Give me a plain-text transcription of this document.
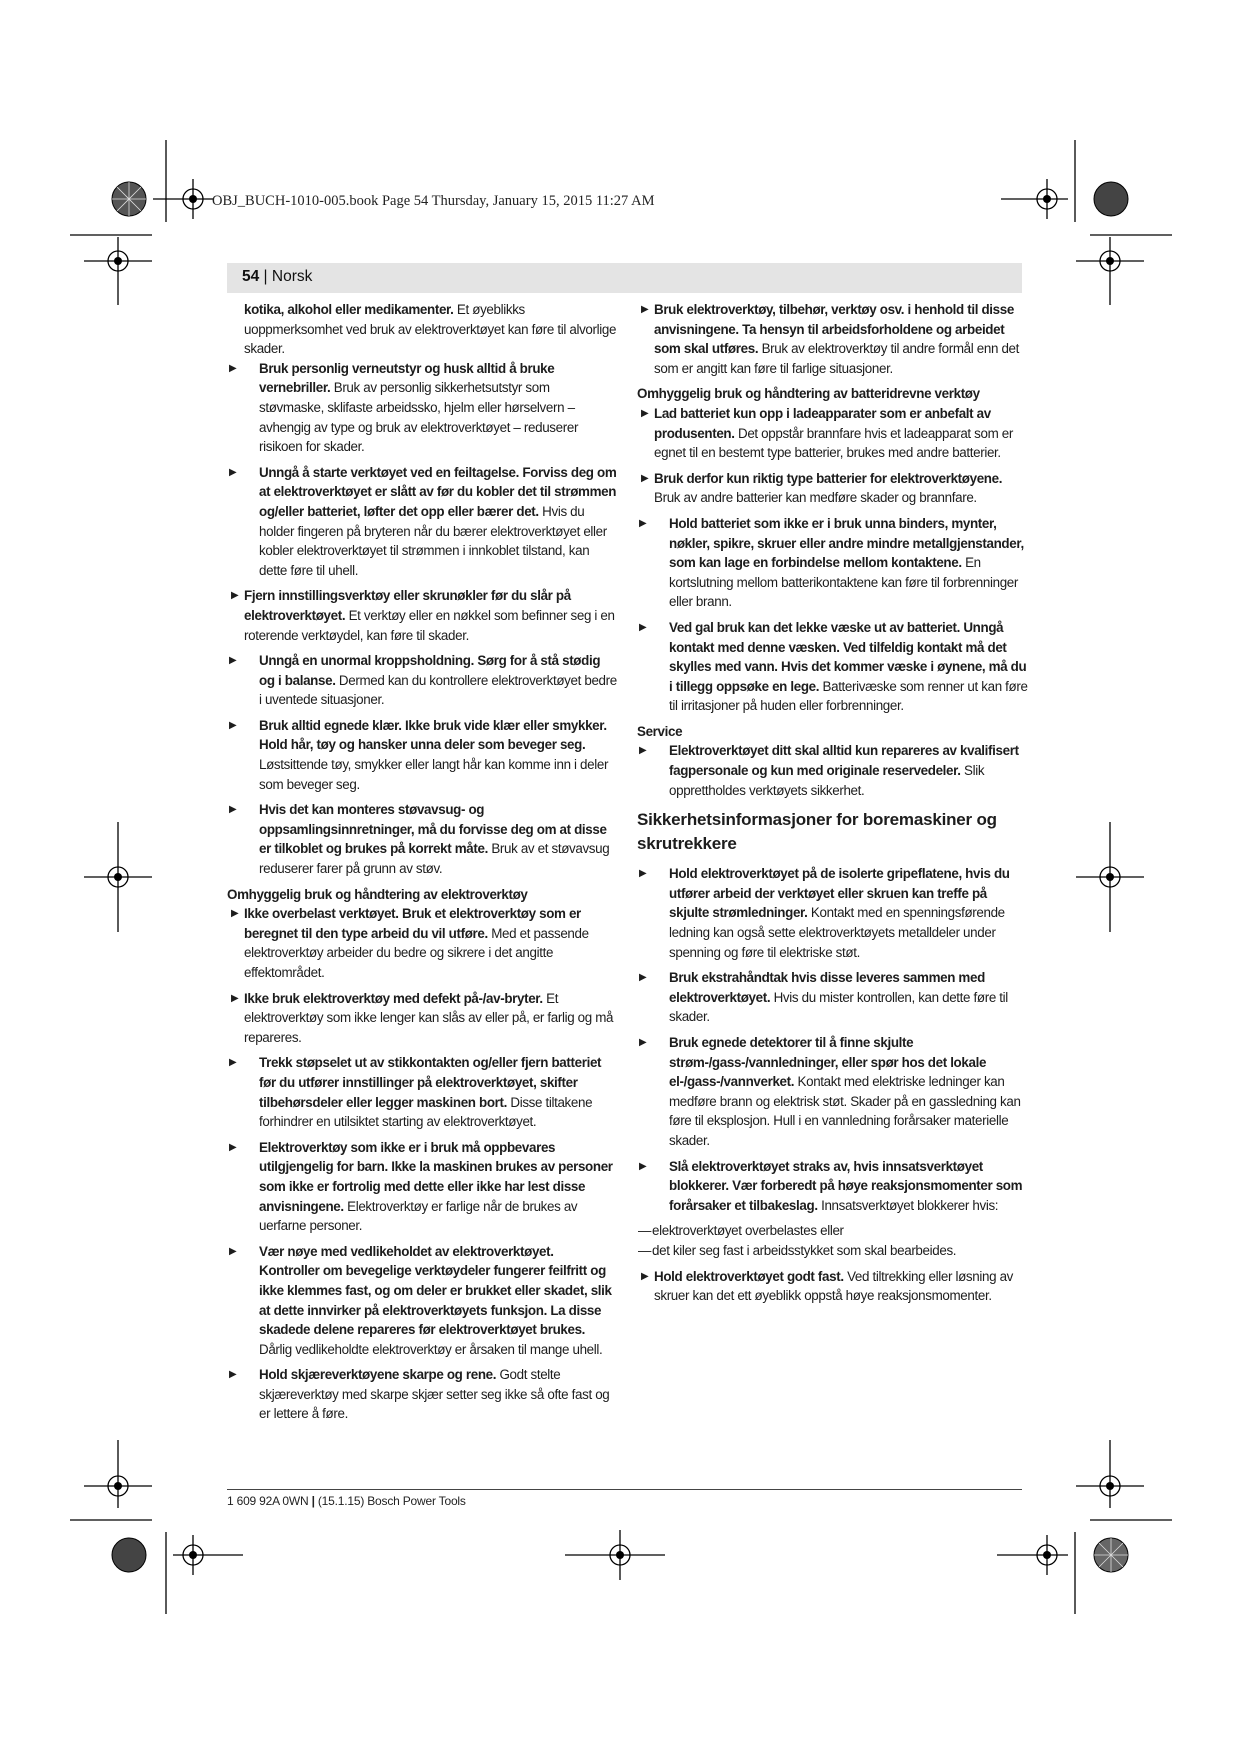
OBJ_BUCH-1010-005.book Page 54 Thursday, January 15, 2015 11:27 AM
54 | Norsk

kotika, alkohol eller medikamenter. Et øyeblikks uoppmerksomhet ved bruk av elektroverktøyet kan føre til alvorlige skader.

▶ Bruk personlig verneutstyr og husk alltid å bruke vernebriller. Bruk av personlig sikkerhetsutstyr som støvmaske, sklifaste arbeidssko, hjelm eller hørselvern – avhengig av type og bruk av elektroverktøyet – reduserer risikoen for skader.
▶ Unngå å starte verktøyet ved en feiltagelse. Forviss deg om at elektroverktøyet er slått av før du kobler det til strømmen og/eller batteriet, løfter det opp eller bærer det. Hvis du holder fingeren på bryteren når du bærer elektroverktøyet eller kobler elektroverktøyet til strømmen i innkoblet tilstand, kan dette føre til uhell.
▶ Fjern innstillingsverktøy eller skrunøkler før du slår på elektroverktøyet. Et verktøy eller en nøkkel som befinner seg i en roterende verktøydel, kan føre til skader.
▶ Unngå en unormal kroppsholdning. Sørg for å stå stødig og i balanse. Dermed kan du kontrollere elektroverktøyet bedre i uventede situasjoner.
▶ Bruk alltid egnede klær. Ikke bruk vide klær eller smykker. Hold hår, tøy og hansker unna deler som beveger seg. Løstsittende tøy, smykker eller langt hår kan komme inn i deler som beveger seg.
▶ Hvis det kan monteres støvavsug- og oppsamlingsinnretninger, må du forvisse deg om at disse er tilkoblet og brukes på korrekt måte. Bruk av et støvavsug reduserer farer på grunn av støv.

Omhyggelig bruk og håndtering av elektroverktøy

▶ Ikke overbelast verktøyet. Bruk et elektroverktøy som er beregnet til den type arbeid du vil utføre. Med et passende elektroverktøy arbeider du bedre og sikrere i det angitte effektområdet.
▶ Ikke bruk elektroverktøy med defekt på-/av-bryter. Et elektroverktøy som ikke lenger kan slås av eller på, er farlig og må repareres.
▶ Trekk støpselet ut av stikkontakten og/eller fjern batteriet før du utfører innstillinger på elektroverktøyet, skifter tilbehørsdeler eller legger maskinen bort. Disse tiltakene forhindrer en utilsiktet starting av elektroverktøyet.
▶ Elektroverktøy som ikke er i bruk må oppbevares utilgjengelig for barn. Ikke la maskinen brukes av personer som ikke er fortrolig med dette eller ikke har lest disse anvisningene. Elektroverktøy er farlige når de brukes av uerfarne personer.
▶ Vær nøye med vedlikeholdet av elektroverktøyet. Kontroller om bevegelige verktøydeler fungerer feilfritt og ikke klemmes fast, og om deler er brukket eller skadet, slik at dette innvirker på elektroverktøyets funksjon. La disse skadede delene repareres før elektroverktøyet brukes. Dårlig vedlikeholdte elektroverktøy er årsaken til mange uhell.
▶ Hold skjæreverktøyene skarpe og rene. Godt stelte skjæreverktøy med skarpe skjær setter seg ikke så ofte fast og er lettere å føre.
▶ Bruk elektroverktøy, tilbehør, verktøy osv. i henhold til disse anvisningene. Ta hensyn til arbeidsforholdene og arbeidet som skal utføres. Bruk av elektroverktøy til andre formål enn det som er angitt kan føre til farlige situasjoner.

Omhyggelig bruk og håndtering av batteridrevne verktøy

▶ Lad batteriet kun opp i ladeapparater som er anbefalt av produsenten. Det oppstår brannfare hvis et ladeapparat som er egnet til en bestemt type batterier, brukes med andre batterier.
▶ Bruk derfor kun riktig type batterier for elektroverktøyene. Bruk av andre batterier kan medføre skader og brannfare.
▶ Hold batteriet som ikke er i bruk unna binders, mynter, nøkler, spikre, skruer eller andre mindre metallgjenstander, som kan lage en forbindelse mellom kontaktene. En kortslutning mellom batterikontaktene kan føre til forbrenninger eller brann.
▶ Ved gal bruk kan det lekke væske ut av batteriet. Unngå kontakt med denne væsken. Ved tilfeldig kontakt må det skylles med vann. Hvis det kommer væske i øynene, må du i tillegg oppsøke en lege. Batterivæske som renner ut kan føre til irritasjoner på huden eller forbrenninger.

Service

▶ Elektroverktøyet ditt skal alltid kun repareres av kvalifisert fagpersonale og kun med originale reservedeler. Slik opprettholdes verktøyets sikkerhet.
Sikkerhetsinformasjoner for boremaskiner og skrutrekkere
▶ Hold elektroverktøyet på de isolerte gripeflatene, hvis du utfører arbeid der verktøyet eller skruen kan treffe på skjulte strømledninger. Kontakt med en spenningsførende ledning kan også sette elektroverktøyets metalldeler under spenning og føre til elektriske støt.
▶ Bruk ekstrahåndtak hvis disse leveres sammen med elektroverktøyet. Hvis du mister kontrollen, kan dette føre til skader.
▶ Bruk egnede detektorer til å finne skjulte strøm-/gass-/vannledninger, eller spør hos det lokale el-/gass-/vannverket. Kontakt med elektriske ledninger kan medføre brann og elektrisk støt. Skader på en gassledning kan føre til eksplosjon. Hull i en vannledning forårsaker materielle skader.
▶ Slå elektroverktøyet straks av, hvis innsatsverktøyet blokkerer. Vær forberedt på høye reaksjonsmomenter som forårsaker et tilbakeslag. Innsatsverktøyet blokkerer hvis:

— elektroverktøyet overbelastes eller

— det kiler seg fast i arbeidsstykket som skal bearbeides.

▶ Hold elektroverktøyet godt fast. Ved tiltrekking eller løsning av skruer kan det ett øyeblikk oppstå høye reaksjonsmomenter.
1 609 92A 0WN | (15.1.15) Bosch Power Tools
